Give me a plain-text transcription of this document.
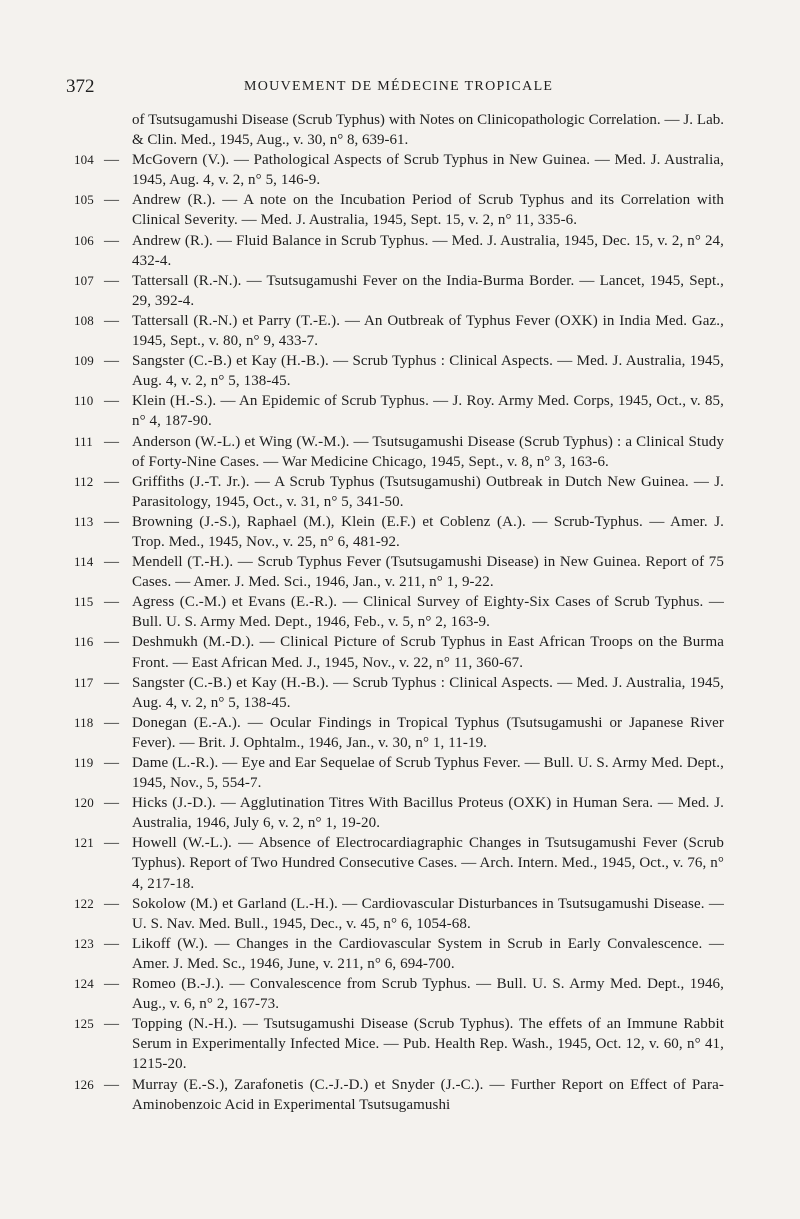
372	MOUVEMENT DE MÉDECINE TROPICALE
of Tsutsugamushi Disease (Scrub Typhus) with Notes on Clinicopathologic Correlation. — J. Lab. & Clin. Med., 1945, Aug., v. 30, n° 8, 639-61.
104 — McGovern (V.). — Pathological Aspects of Scrub Typhus in New Guinea. — Med. J. Australia, 1945, Aug. 4, v. 2, n° 5, 146-9.
105 — Andrew (R.). — A note on the Incubation Period of Scrub Typhus and its Correlation with Clinical Severity. — Med. J. Australia, 1945, Sept. 15, v. 2, n° 11, 335-6.
106 — Andrew (R.). — Fluid Balance in Scrub Typhus. — Med. J. Australia, 1945, Dec. 15, v. 2, n° 24, 432-4.
107 — Tattersall (R.-N.). — Tsutsugamushi Fever on the India-Burma Border. — Lancet, 1945, Sept., 29, 392-4.
108 — Tattersall (R.-N.) et Parry (T.-E.). — An Outbreak of Typhus Fever (OXK) in India Med. Gaz., 1945, Sept., v. 80, n° 9, 433-7.
109 — Sangster (C.-B.) et Kay (H.-B.). — Scrub Typhus : Clinical Aspects. — Med. J. Australia, 1945, Aug. 4, v. 2, n° 5, 138-45.
110 — Klein (H.-S.). — An Epidemic of Scrub Typhus. — J. Roy. Army Med. Corps, 1945, Oct., v. 85, n° 4, 187-90.
111 — Anderson (W.-L.) et Wing (W.-M.). — Tsutsugamushi Disease (Scrub Typhus) : a Clinical Study of Forty-Nine Cases. — War Medicine Chicago, 1945, Sept., v. 8, n° 3, 163-6.
112 — Griffiths (J.-T. Jr.). — A Scrub Typhus (Tsutsugamushi) Outbreak in Dutch New Guinea. — J. Parasitology, 1945, Oct., v. 31, n° 5, 341-50.
113 — Browning (J.-S.), Raphael (M.), Klein (E.F.) et Coblenz (A.). — Scrub-Typhus. — Amer. J. Trop. Med., 1945, Nov., v. 25, n° 6, 481-92.
114 — Mendell (T.-H.). — Scrub Typhus Fever (Tsutsugamushi Disease) in New Guinea. Report of 75 Cases. — Amer. J. Med. Sci., 1946, Jan., v. 211, n° 1, 9-22.
115 — Agress (C.-M.) et Evans (E.-R.). — Clinical Survey of Eighty-Six Cases of Scrub Typhus. — Bull. U. S. Army Med. Dept., 1946, Feb., v. 5, n° 2, 163-9.
116 — Deshmukh (M.-D.). — Clinical Picture of Scrub Typhus in East African Troops on the Burma Front. — East African Med. J., 1945, Nov., v. 22, n° 11, 360-67.
117 — Sangster (C.-B.) et Kay (H.-B.). — Scrub Typhus : Clinical Aspects. — Med. J. Australia, 1945, Aug. 4, v. 2, n° 5, 138-45.
118 — Donegan (E.-A.). — Ocular Findings in Tropical Typhus (Tsutsugamushi or Japanese River Fever). — Brit. J. Ophtalm., 1946, Jan., v. 30, n° 1, 11-19.
119 — Dame (L.-R.). — Eye and Ear Sequelae of Scrub Typhus Fever. — Bull. U. S. Army Med. Dept., 1945, Nov., 5, 554-7.
120 — Hicks (J.-D.). — Agglutination Titres With Bacillus Proteus (OXK) in Human Sera. — Med. J. Australia, 1946, July 6, v. 2, n° 1, 19-20.
121 — Howell (W.-L.). — Absence of Electrocardiagraphic Changes in Tsutsugamushi Fever (Scrub Typhus). Report of Two Hundred Consecutive Cases. — Arch. Intern. Med., 1945, Oct., v. 76, n° 4, 217-18.
122 — Sokolow (M.) et Garland (L.-H.). — Cardiovascular Disturbances in Tsutsugamushi Disease. — U. S. Nav. Med. Bull., 1945, Dec., v. 45, n° 6, 1054-68.
123 — Likoff (W.). — Changes in the Cardiovascular System in Scrub in Early Convalescence. — Amer. J. Med. Sc., 1946, June, v. 211, n° 6, 694-700.
124 — Romeo (B.-J.). — Convalescence from Scrub Typhus. — Bull. U. S. Army Med. Dept., 1946, Aug., v. 6, n° 2, 167-73.
125 — Topping (N.-H.). — Tsutsugamushi Disease (Scrub Typhus). The effets of an Immune Rabbit Serum in Experimentally Infected Mice. — Pub. Health Rep. Wash., 1945, Oct. 12, v. 60, n° 41, 1215-20.
126 — Murray (E.-S.), Zarafonetis (C.-J.-D.) et Snyder (J.-C.). — Further Report on Effect of Para-Aminobenzoic Acid in Experimental Tsutsugamushi
